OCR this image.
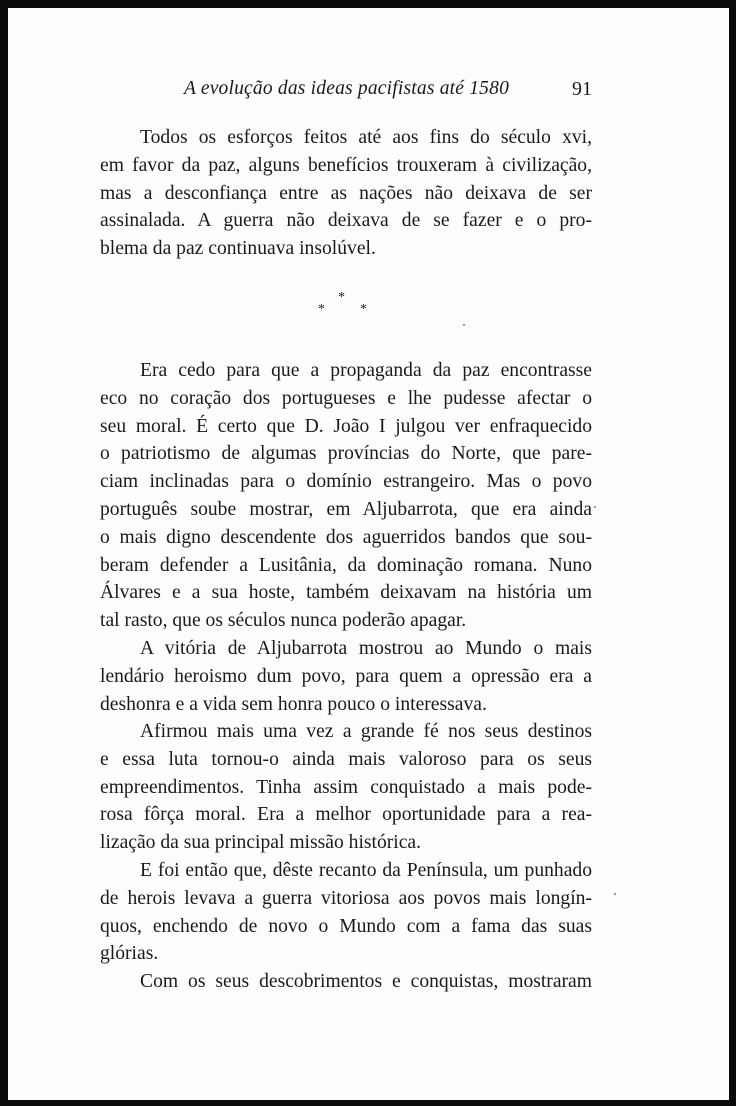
A evolução das ideas pacifistas até 1580	91

Todos os esforços feitos até aos fins do século xvi,
em favor da paz, alguns benefícios trouxeram à civilização,
mas a desconfiança entre as nações não deixava de ser
assinalada. A guerra não deixava de se fazer e o pro-
blema da paz continuava insolúvel.

*
*	*

Era cedo para que a propaganda da paz encontrasse
eco no coração dos portugueses e lhe pudesse afectar o
seu moral. É certo que D. João I julgou ver enfraquecido
o patriotismo de algumas províncias do Norte, que pare-
ciam inclinadas para o domínio estrangeiro. Mas o povo
português soube mostrar, em Aljubarrota, que era ainda
o mais digno descendente dos aguerridos bandos que sou-
beram defender a Lusitânia, da dominação romana. Nuno
Álvares e a sua hoste, também deixavam na história um
tal rasto, que os séculos nunca poderão apagar.

A vitória de Aljubarrota mostrou ao Mundo o mais
lendário heroismo dum povo, para quem a opressão era a
deshonra e a vida sem honra pouco o interessava.

Afirmou mais uma vez a grande fé nos seus destinos
e essa luta tornou-o ainda mais valoroso para os seus
empreendimentos. Tinha assim conquistado a mais pode-
rosa fôrça moral. Era a melhor oportunidade para a rea-
lização da sua principal missão histórica.

E foi então que, dêste recanto da Península, um punhado
de herois levava a guerra vitoriosa aos povos mais longín-
quos, enchendo de novo o Mundo com a fama das suas
glórias.

Com os seus descobrimentos e conquistas, mostraram
